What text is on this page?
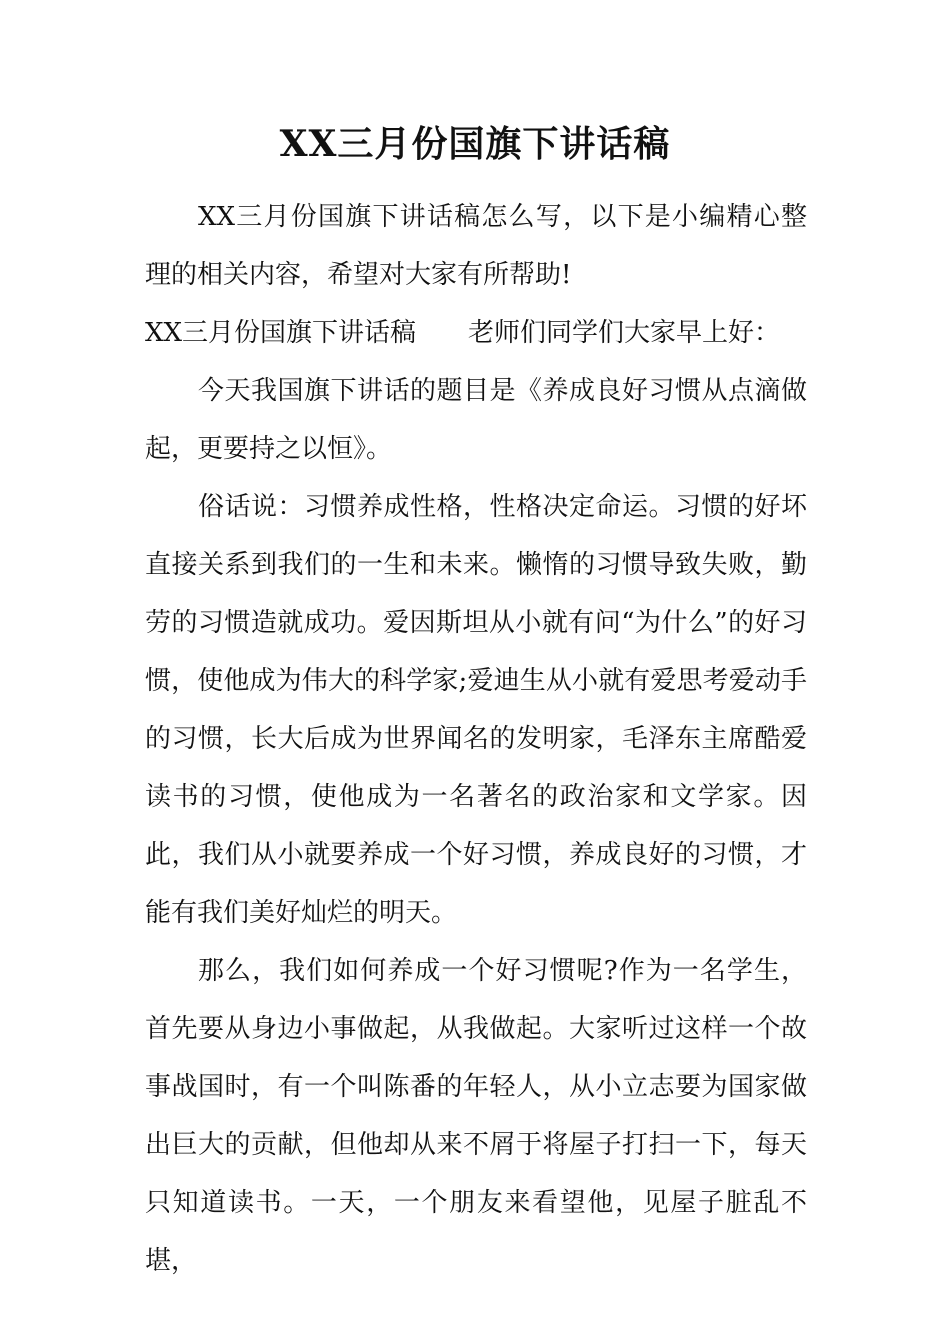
XX三月份国旗下讲话稿

XX三月份国旗下讲话稿怎么写，以下是小编精心整理的相关内容，希望对大家有所帮助!

XX三月份国旗下讲话稿 老师们同学们大家早上好：

今天我国旗下讲话的题目是《养成良好习惯从点滴做起，更要持之以恒》。

俗话说：习惯养成性格，性格决定命运。习惯的好坏直接关系到我们的一生和未来。懒惰的习惯导致失败，勤劳的习惯造就成功。爱因斯坦从小就有问“为什么”的好习惯，使他成为伟大的科学家;爱迪生从小就有爱思考爱动手的习惯，长大后成为世界闻名的发明家，毛泽东主席酷爱读书的习惯，使他成为一名著名的政治家和文学家。因此，我们从小就要养成一个好习惯，养成良好的习惯，才能有我们美好灿烂的明天。

那么，我们如何养成一个好习惯呢?作为一名学生，首先要从身边小事做起，从我做起。大家听过这样一个故事战国时，有一个叫陈番的年轻人，从小立志要为国家做出巨大的贡献，但他却从来不屑于将屋子打扫一下，每天只知道读书。一天，一个朋友来看望他，见屋子脏乱不堪，
